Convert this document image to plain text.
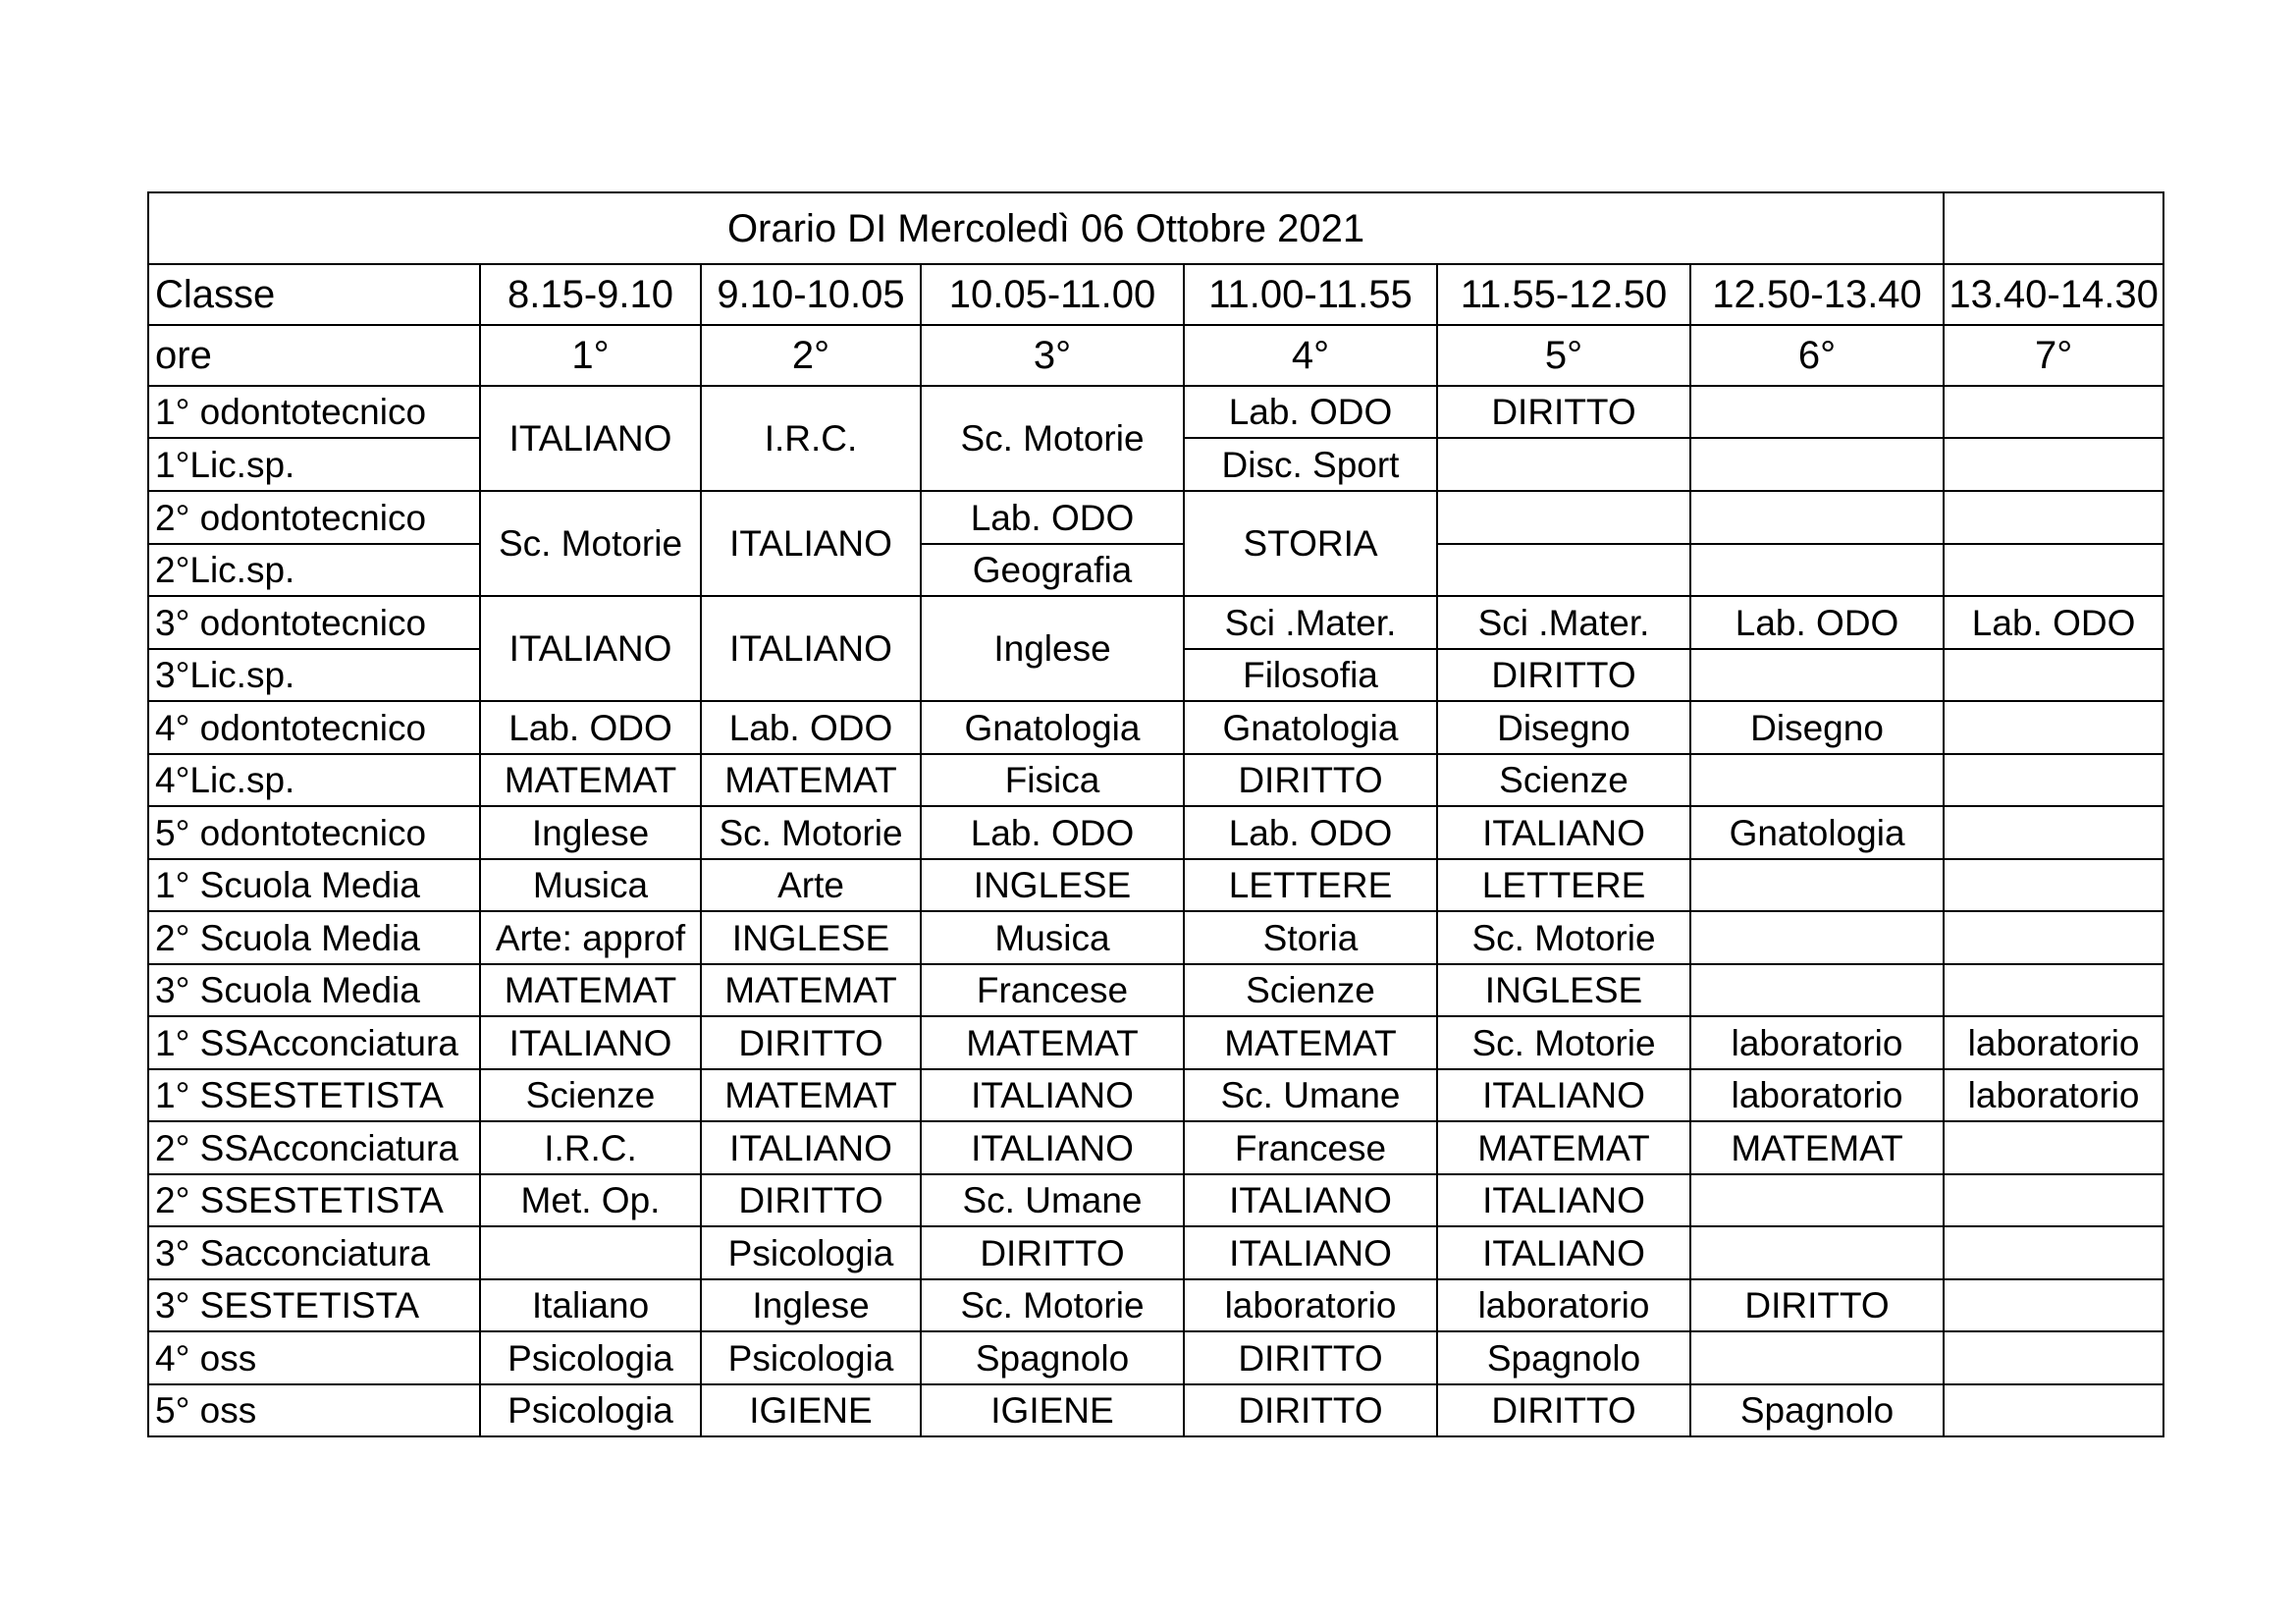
Orario DI Mercoledì 06 Ottobre 2021							
Classe	8.15-9.10	9.10-10.05	10.05-11.00	11.00-11.55	11.55-12.50	12.50-13.40	13.40-14.30
ore	1°	2°	3°	4°	5°	6°	7°
1° odontotecnico	ITALIANO	I.R.C.	Sc. Motorie	Lab. ODO	DIRITTO		
1°Lic.sp.				Disc. Sport			
2° odontotecnico	Sc. Motorie	ITALIANO	Lab. ODO	STORIA			
2°Lic.sp.			Geografia				
3° odontotecnico	ITALIANO	ITALIANO	Inglese	Sci .Mater.	Sci .Mater.	Lab. ODO	Lab. ODO
3°Lic.sp.				Filosofia	DIRITTO		
4° odontotecnico	Lab. ODO	Lab. ODO	Gnatologia	Gnatologia	Disegno	Disegno	
4°Lic.sp.	MATEMAT	MATEMAT	Fisica	DIRITTO	Scienze		
5° odontotecnico	Inglese	Sc. Motorie	Lab. ODO	Lab. ODO	ITALIANO	Gnatologia	
1° Scuola Media	Musica	Arte	INGLESE	LETTERE	LETTERE		
2° Scuola Media	Arte: approf	INGLESE	Musica	Storia	Sc. Motorie		
3° Scuola Media	MATEMAT	MATEMAT	Francese	Scienze	INGLESE		
1° SSAcconciatura	ITALIANO	DIRITTO	MATEMAT	MATEMAT	Sc. Motorie	laboratorio	laboratorio
1° SSESTETISTA	Scienze	MATEMAT	ITALIANO	Sc. Umane	ITALIANO	laboratorio	laboratorio
2° SSAcconciatura	I.R.C.	ITALIANO	ITALIANO	Francese	MATEMAT	MATEMAT	
2° SSESTETISTA	Met. Op.	DIRITTO	Sc. Umane	ITALIANO	ITALIANO		
3° Sacconciatura		Psicologia	DIRITTO	ITALIANO	ITALIANO		
3° SESTETISTA	Italiano	Inglese	Sc. Motorie	laboratorio	laboratorio	DIRITTO	
4° oss	Psicologia	Psicologia	Spagnolo	DIRITTO	Spagnolo		
5° oss	Psicologia	IGIENE	IGIENE	DIRITTO	DIRITTO	Spagnolo	
